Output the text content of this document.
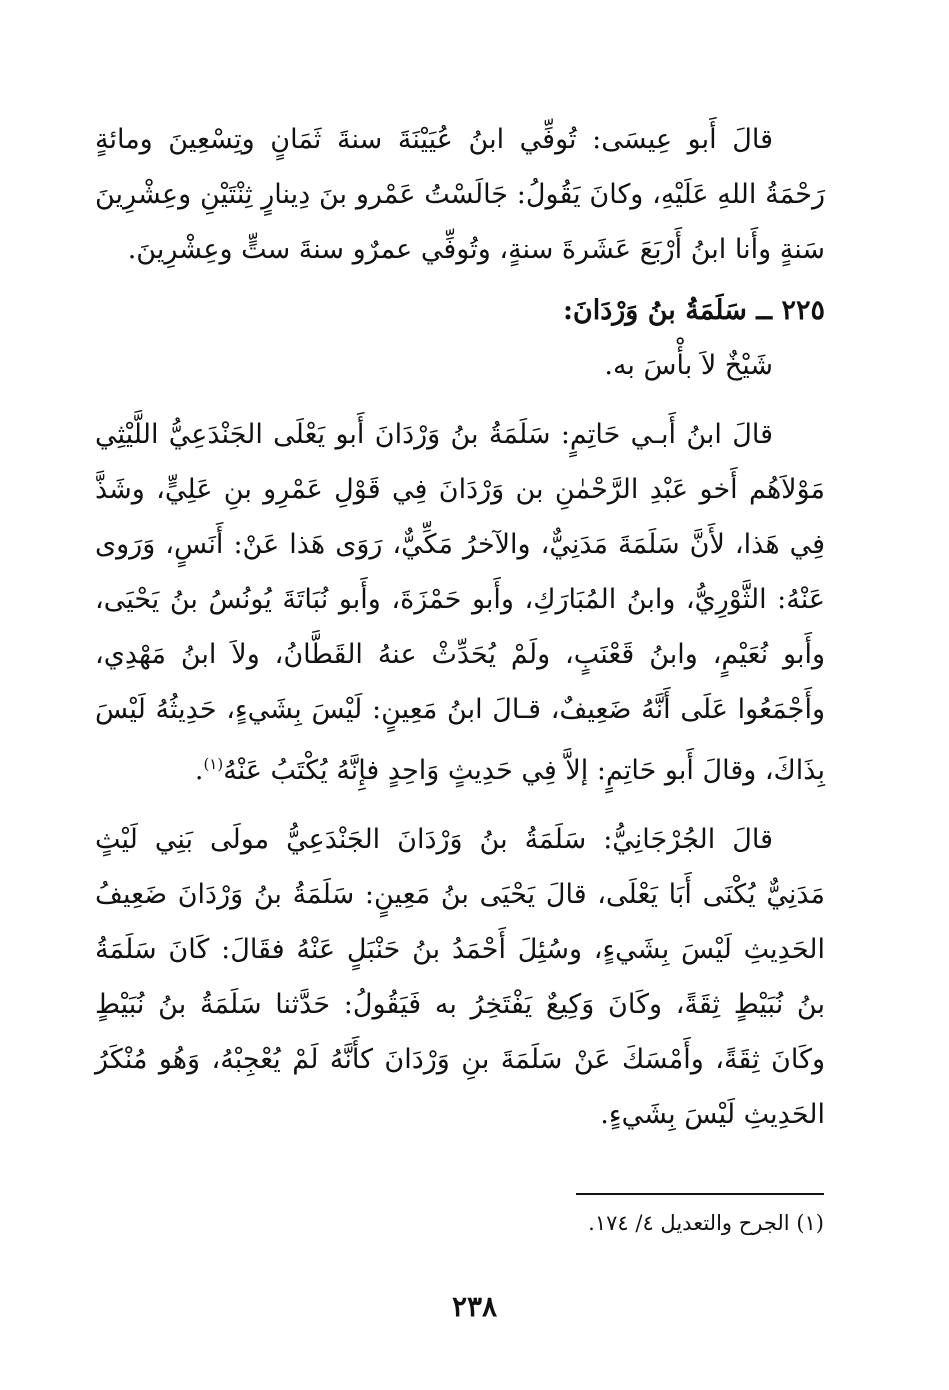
قالَ أَبو عِيسَى: تُوفِّي ابنُ عُيَيْنَةَ سنةَ ثَمَانٍ وتِسْعِينَ ومائةٍ رَحْمَةُ اللهِ عَلَيْهِ، وكانَ يَقُولُ: جَالَسْتُ عَمْرو بنَ دِينارٍ ثِنْتَيْنِ وعِشْرِينَ سَنةٍ وأَنا ابنُ أَرْبَعَ عَشَرةَ سنةٍ، وتُوفِّي عمرٌو سنةَ ستٍّ وعِشْرِينَ.

٢٢٥ ــ سَلَمَةُ بنُ وَرْدَانَ:

شَيْخٌ لاَ بأْسَ به.

قالَ ابنُ أَبـي حَاتِمٍ: سَلَمَةُ بنُ وَرْدَانَ أَبو يَعْلَى الجَنْدَعِيُّ اللَّيْثِي مَوْلاَهُم أَخو عَبْدِ الرَّحْمٰنِ بن وَرْدَانَ فِي قَوْلِ عَمْرِو بنِ عَلِيٍّ، وشَذَّ فِي هَذا، لأَنَّ سَلَمَةَ مَدَنِيٌّ، والآخرُ مَكِّيٌّ، رَوَى هَذا عَنْ: أَنَسٍ، وَرَوى عَنْهُ: الثَّوْرِيُّ، وابنُ المُبَارَكِ، وأَبو حَمْزَةَ، وأَبو نُبَاتَةَ يُونُسُ بنُ يَحْيَى، وأَبو نُعَيْمٍ، وابنُ قَعْنَبٍ، ولَمْ يُحَدِّثْ عنهُ القَطَّانُ، ولاَ ابنُ مَهْدِي، وأَجْمَعُوا عَلَى أَنَّهُ ضَعِيفٌ، قـالَ ابنُ مَعِينٍ: لَيْسَ بِشَيءٍ، حَدِيثُهُ لَيْسَ بِذَاكَ، وقالَ أَبو حَاتِمٍ: إلاَّ فِي حَدِيثٍ وَاحِدٍ فإِنَّهُ يُكْتَبُ عَنْهُ$^{(١)}$.

قالَ الجُرْجَانِيُّ: سَلَمَةُ بنُ وَرْدَانَ الجَنْدَعِيُّ مولَى بَنِي لَيْثٍ مَدَنِيٌّ يُكْنَى أَبَا يَعْلَى، قالَ يَحْيَى بنُ مَعِينٍ: سَلَمَةُ بنُ وَرْدَانَ ضَعِيفُ الحَدِيثِ لَيْسَ بِشَيءٍ، وسُئِلَ أَحْمَدُ بنُ حَنْبَلٍ عَنْهُ فقَالَ: كَانَ سَلَمَةُ بنُ نُبَيْطٍ ثِقَةً، وكَانَ وَكِيعٌ يَفْتَخِرُ به فَيَقُولُ: حَدَّثنا سَلَمَةُ بنُ نُبَيْطٍ وكَانَ ثِقَةً، وأَمْسَكَ عَنْ سَلَمَةَ بنِ وَرْدَانَ كأَنَّهُ لَمْ يُعْجِبْهُ، وَهُو مُنْكَرُ الحَدِيثِ لَيْسَ بِشَيءٍ.

(١) الجرح والتعديل ٤/ ١٧٤.
٢٣٨
